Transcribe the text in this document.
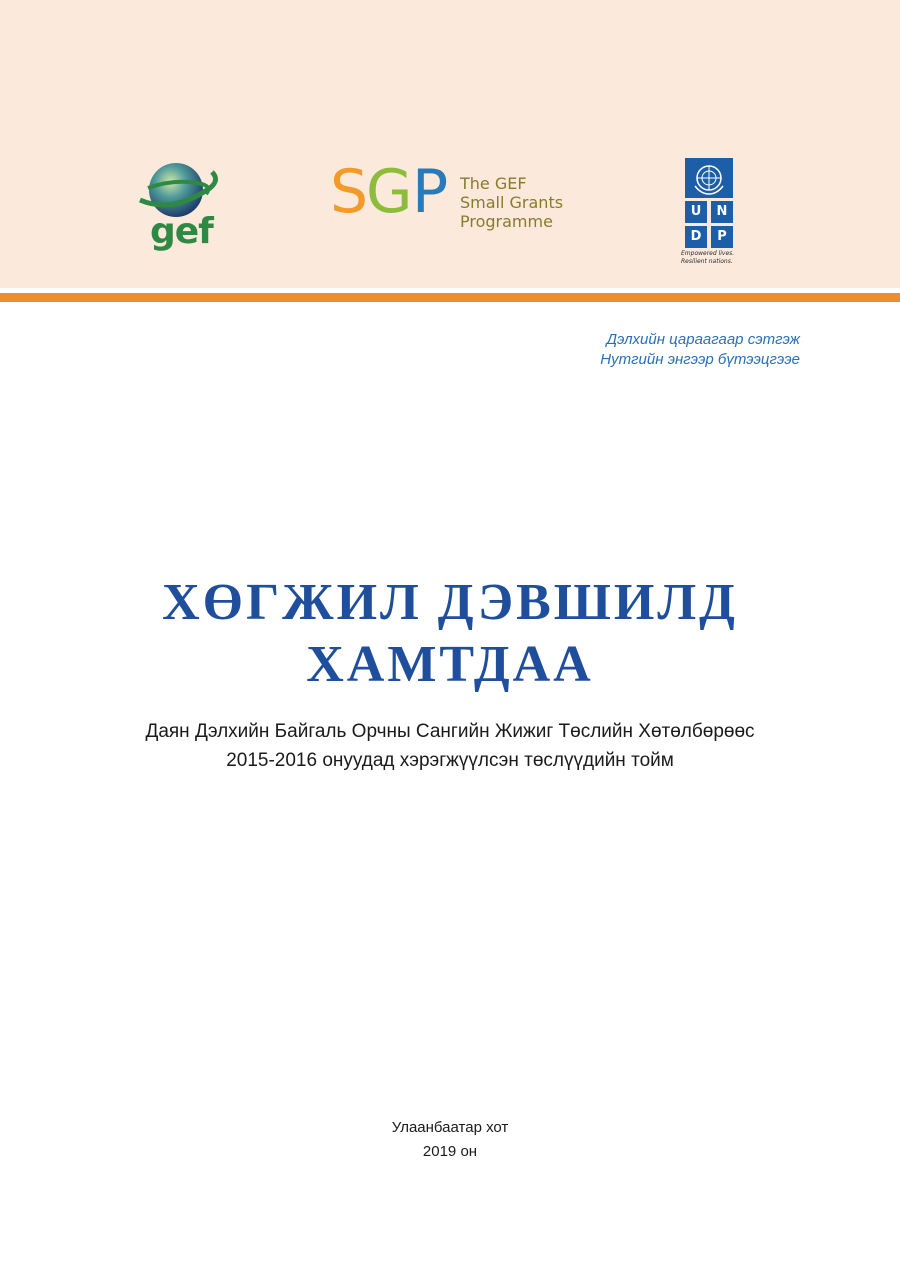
gef
S G P The GEF
Small Grants
Programme
U	N
D	P
Empowered lives.
Resilient nations.
Дэлхийн цараагаар сэтгэж
Нутгийн энгээр бүтээцгээе
ХӨГЖИЛ ДЭВШИЛД
ХАМТДАА
Даян Дэлхийн Байгаль Орчны Сангийн Жижиг Төслийн Хөтөлбөрөөс
2015-2016 онуудад хэрэгжүүлсэн төслүүдийн тойм
Улаанбаатар хот
2019 он
